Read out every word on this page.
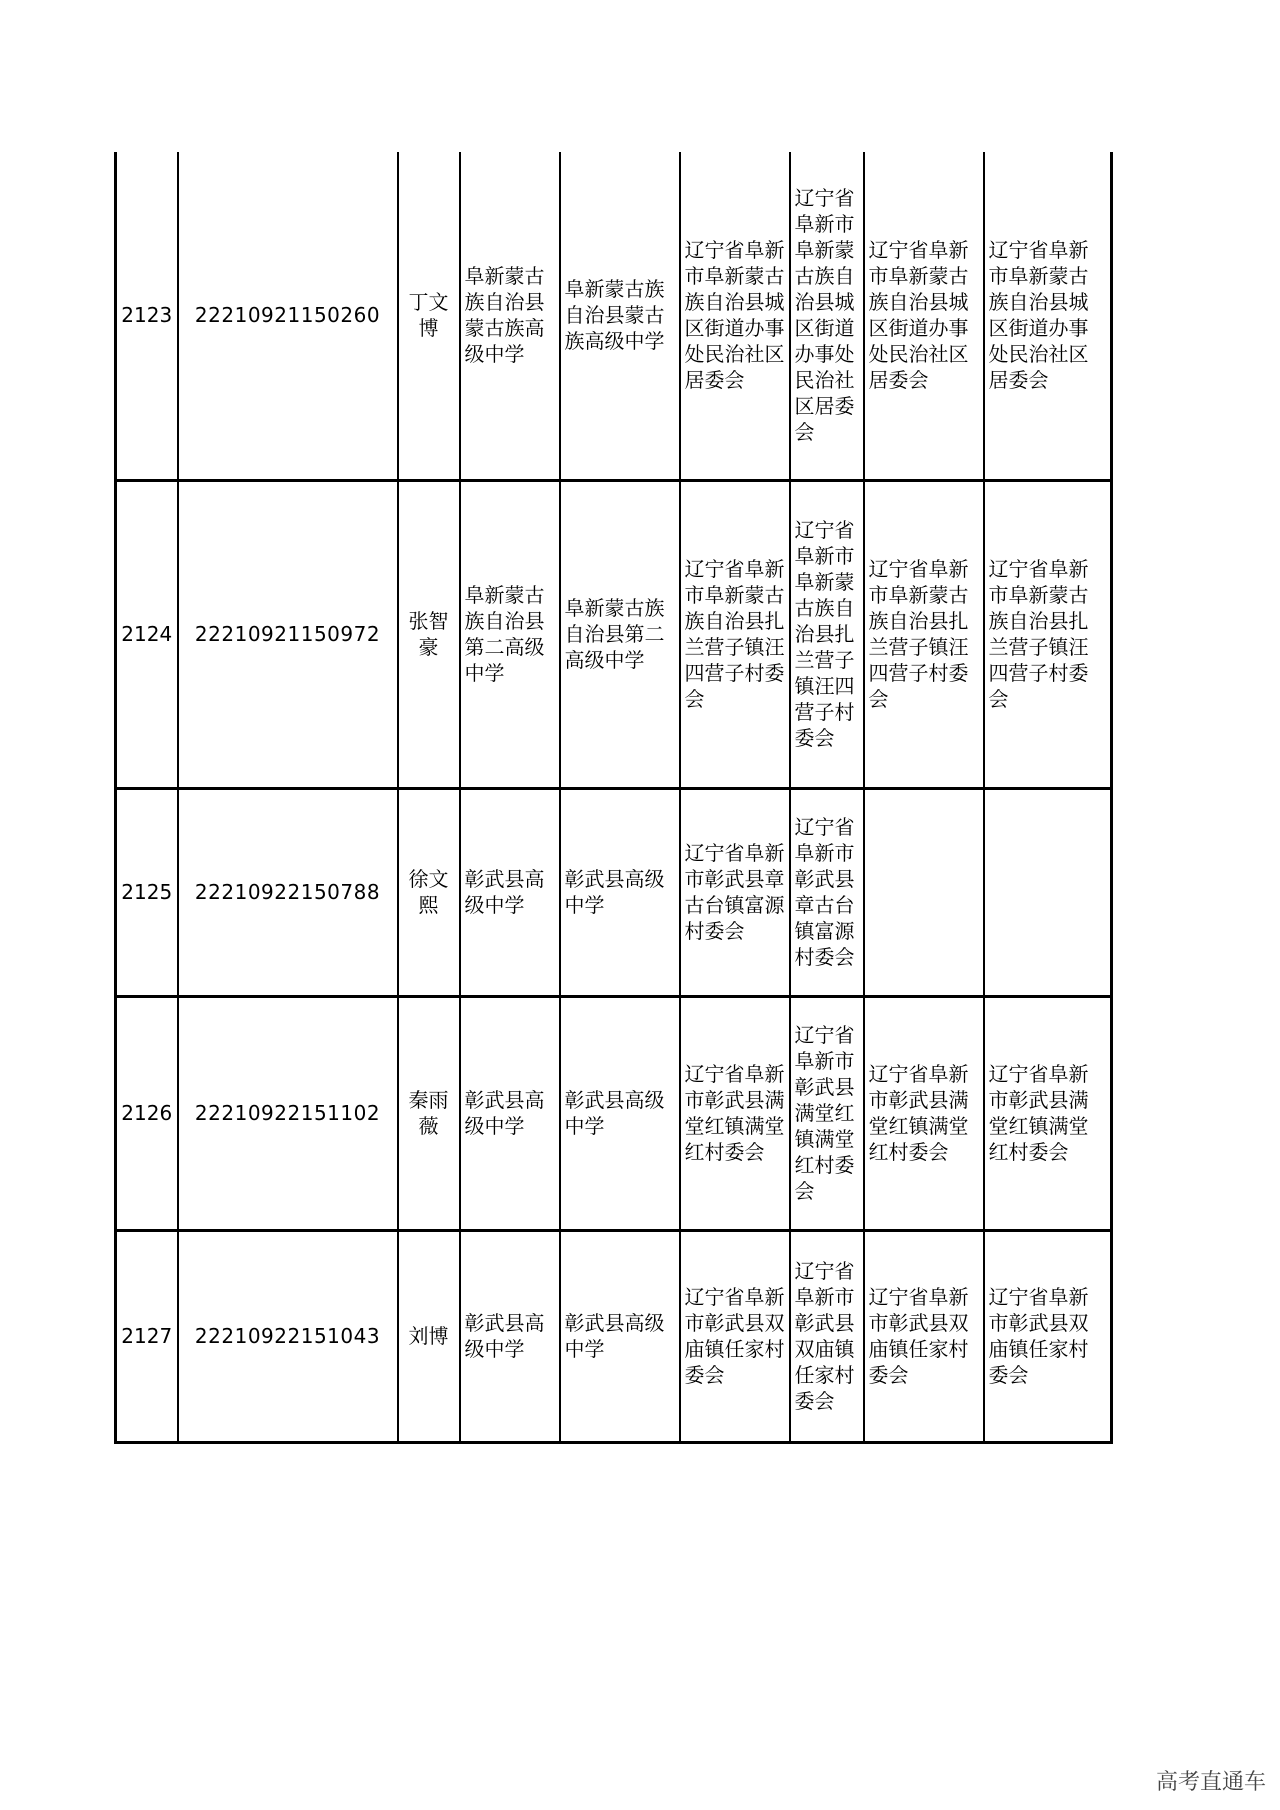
2123	22210921150260	丁文博	阜新蒙古族自治县蒙古族高级中学	阜新蒙古族自治县蒙古族高级中学	辽宁省阜新市阜新蒙古族自治县城区街道办事处民治社区居委会	辽宁省阜新市阜新蒙古族自治县城区街道办事处民治社区居委会	辽宁省阜新市阜新蒙古族自治县城区街道办事处民治社区居委会	辽宁省阜新市阜新蒙古族自治县城区街道办事处民治社区居委会
2124	22210921150972	张智豪	阜新蒙古族自治县第二高级中学	阜新蒙古族自治县第二高级中学	辽宁省阜新市阜新蒙古族自治县扎兰营子镇汪四营子村委会	辽宁省阜新市阜新蒙古族自治县扎兰营子镇汪四营子村委会	辽宁省阜新市阜新蒙古族自治县扎兰营子镇汪四营子村委会	辽宁省阜新市阜新蒙古族自治县扎兰营子镇汪四营子村委会
2125	22210922150788	徐文熙	彰武县高级中学	彰武县高级中学	辽宁省阜新市彰武县章古台镇富源村委会	辽宁省阜新市彰武县章古台镇富源村委会		
2126	22210922151102	秦雨薇	彰武县高级中学	彰武县高级中学	辽宁省阜新市彰武县满堂红镇满堂红村委会	辽宁省阜新市彰武县满堂红镇满堂红村委会	辽宁省阜新市彰武县满堂红镇满堂红村委会	辽宁省阜新市彰武县满堂红镇满堂红村委会
2127	22210922151043	刘博	彰武县高级中学	彰武县高级中学	辽宁省阜新市彰武县双庙镇任家村委会	辽宁省阜新市彰武县双庙镇任家村委会	辽宁省阜新市彰武县双庙镇任家村委会	辽宁省阜新市彰武县双庙镇任家村委会
高考直通车
